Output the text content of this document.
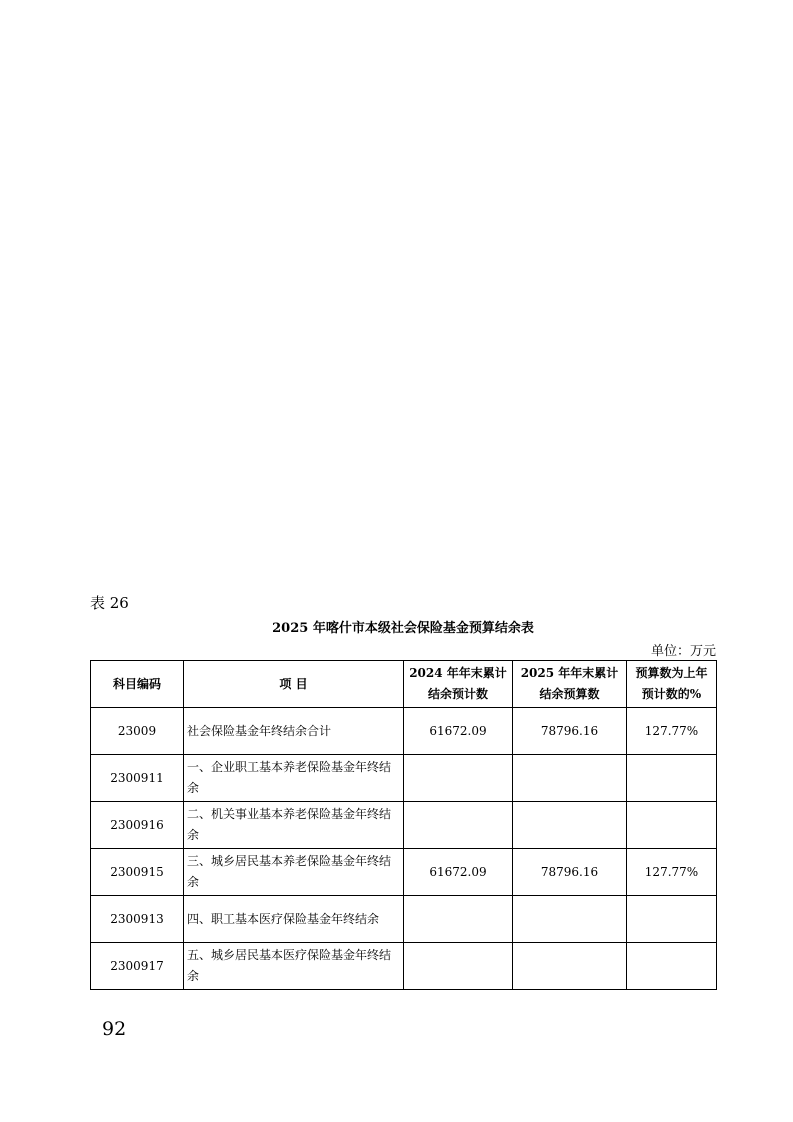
表 26
2025 年喀什市本级社会保险基金预算结余表
单位：万元
科目编码	项 目	2024 年年末累计结余预计数	2025 年年末累计结余预算数	预算数为上年预计数的%
23009	社会保险基金年终结余合计	61672.09	78796.16	127.77%
2300911	一、企业职工基本养老保险基金年终结余			
2300916	二、机关事业基本养老保险基金年终结余			
2300915	三、城乡居民基本养老保险基金年终结余	61672.09	78796.16	127.77%
2300913	四、职工基本医疗保险基金年终结余			
2300917	五、城乡居民基本医疗保险基金年终结余			
92
